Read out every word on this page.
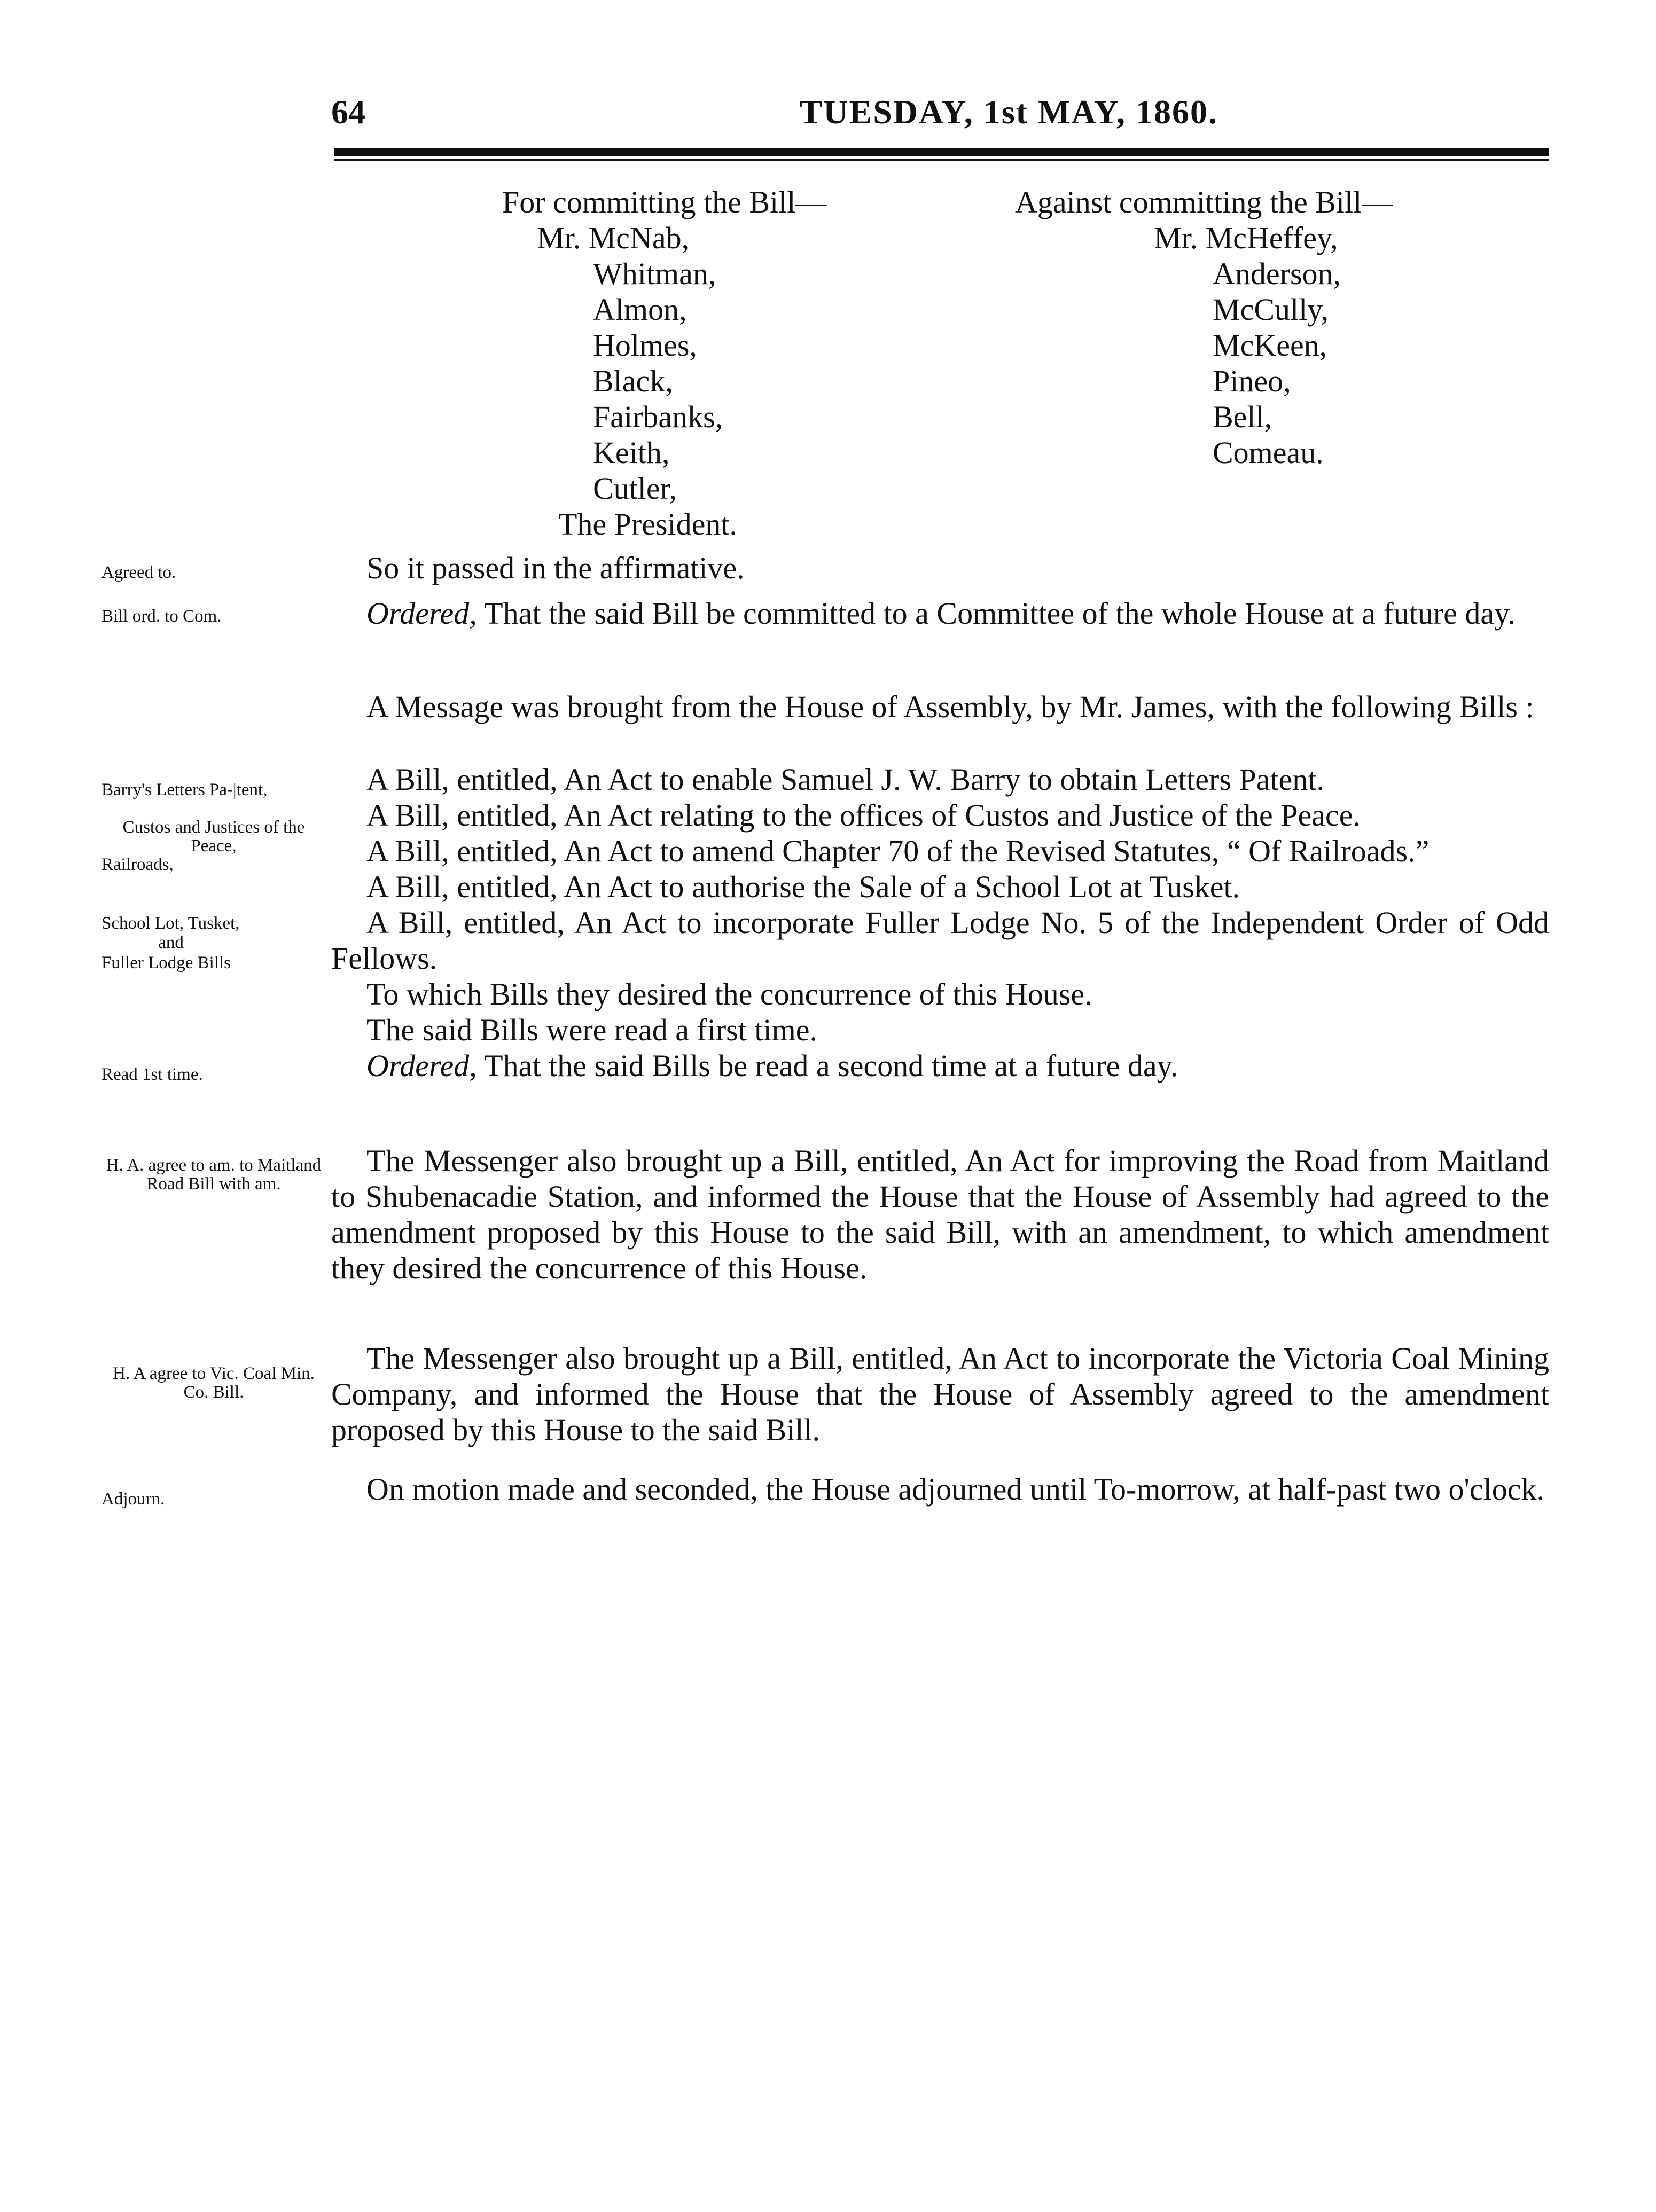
64	TUESDAY, 1st MAY, 1860.
For committing the Bill—
Mr. McNab,
Whitman,
Almon,
Holmes,
Black,
Fairbanks,
Keith,
Cutler,
The President.
Against committing the Bill—
Mr. McHeffey,
Anderson,
McCully,
McKeen,
Pineo,
Bell,
Comeau.
Agreed to.
Bill ord. to Com.
Barry's Letters Pa-|tent,
Custos and Justices of the Peace,
Railroads,
School Lot, Tusket,
and
Fuller Lodge Bills
Read 1st time.
H. A. agree to am. to Maitland Road Bill with am.
H. A agree to Vic. Coal Min. Co. Bill.
Adjourn.

So it passed in the affirmative.

Ordered, That the said Bill be committed to a Committee of the whole House at a future day.

A Message was brought from the House of Assembly, by Mr. James, with the following Bills :

A Bill, entitled, An Act to enable Samuel J. W. Barry to obtain Letters Patent.

A Bill, entitled, An Act relating to the offices of Custos and Justice of the Peace.

A Bill, entitled, An Act to amend Chapter 70 of the Revised Statutes, “ Of Railroads.”

A Bill, entitled, An Act to authorise the Sale of a School Lot at Tusket.

A Bill, entitled, An Act to incorporate Fuller Lodge No. 5 of the Independent Order of Odd Fellows.

To which Bills they desired the concurrence of this House.

The said Bills were read a first time.

Ordered, That the said Bills be read a second time at a future day.

The Messenger also brought up a Bill, entitled, An Act for improving the Road from Maitland to Shubenacadie Station, and informed the House that the House of Assembly had agreed to the amendment proposed by this House to the said Bill, with an amendment, to which amendment they desired the concurrence of this House.

The Messenger also brought up a Bill, entitled, An Act to incorporate the Victoria Coal Mining Company, and informed the House that the House of Assembly agreed to the amendment proposed by this House to the said Bill.

On motion made and seconded, the House adjourned until To-morrow, at half-past two o'clock.
